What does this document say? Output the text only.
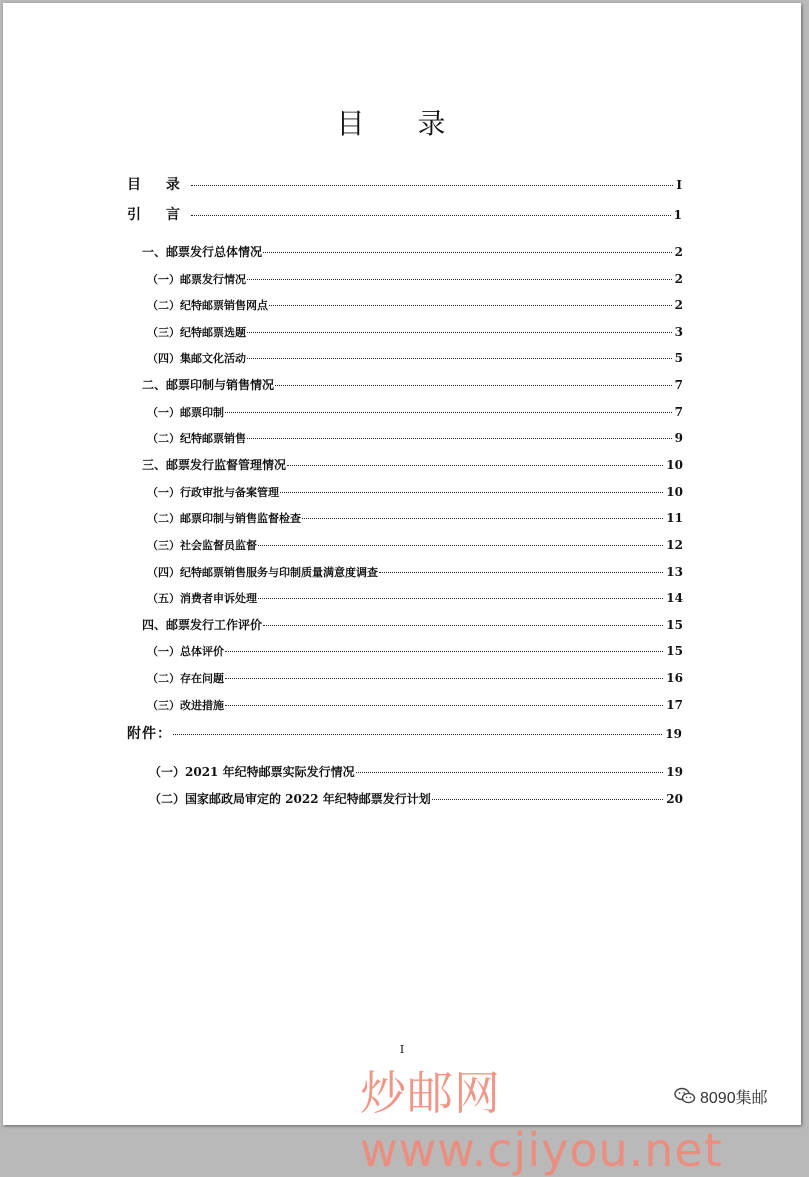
目 录
目 录	I
引 言	1
一、邮票发行总体情况	2
（一）邮票发行情况	2
（二）纪特邮票销售网点	2
（三）纪特邮票选题	3
（四）集邮文化活动	5
二、邮票印制与销售情况	7
（一）邮票印制	7
（二）纪特邮票销售	9
三、邮票发行监督管理情况	10
（一）行政审批与备案管理	10
（二）邮票印制与销售监督检查	11
（三）社会监督员监督	12
（四）纪特邮票销售服务与印制质量满意度调查	13
（五）消费者申诉处理	14
四、邮票发行工作评价	15
（一）总体评价	15
（二）存在问题	16
（三）改进措施	17
附件：	19
（一）2021 年纪特邮票实际发行情况	19
（二）国家邮政局审定的 2022 年纪特邮票发行计划	20
I
炒邮网 www.cjiyou.net
8090集邮
